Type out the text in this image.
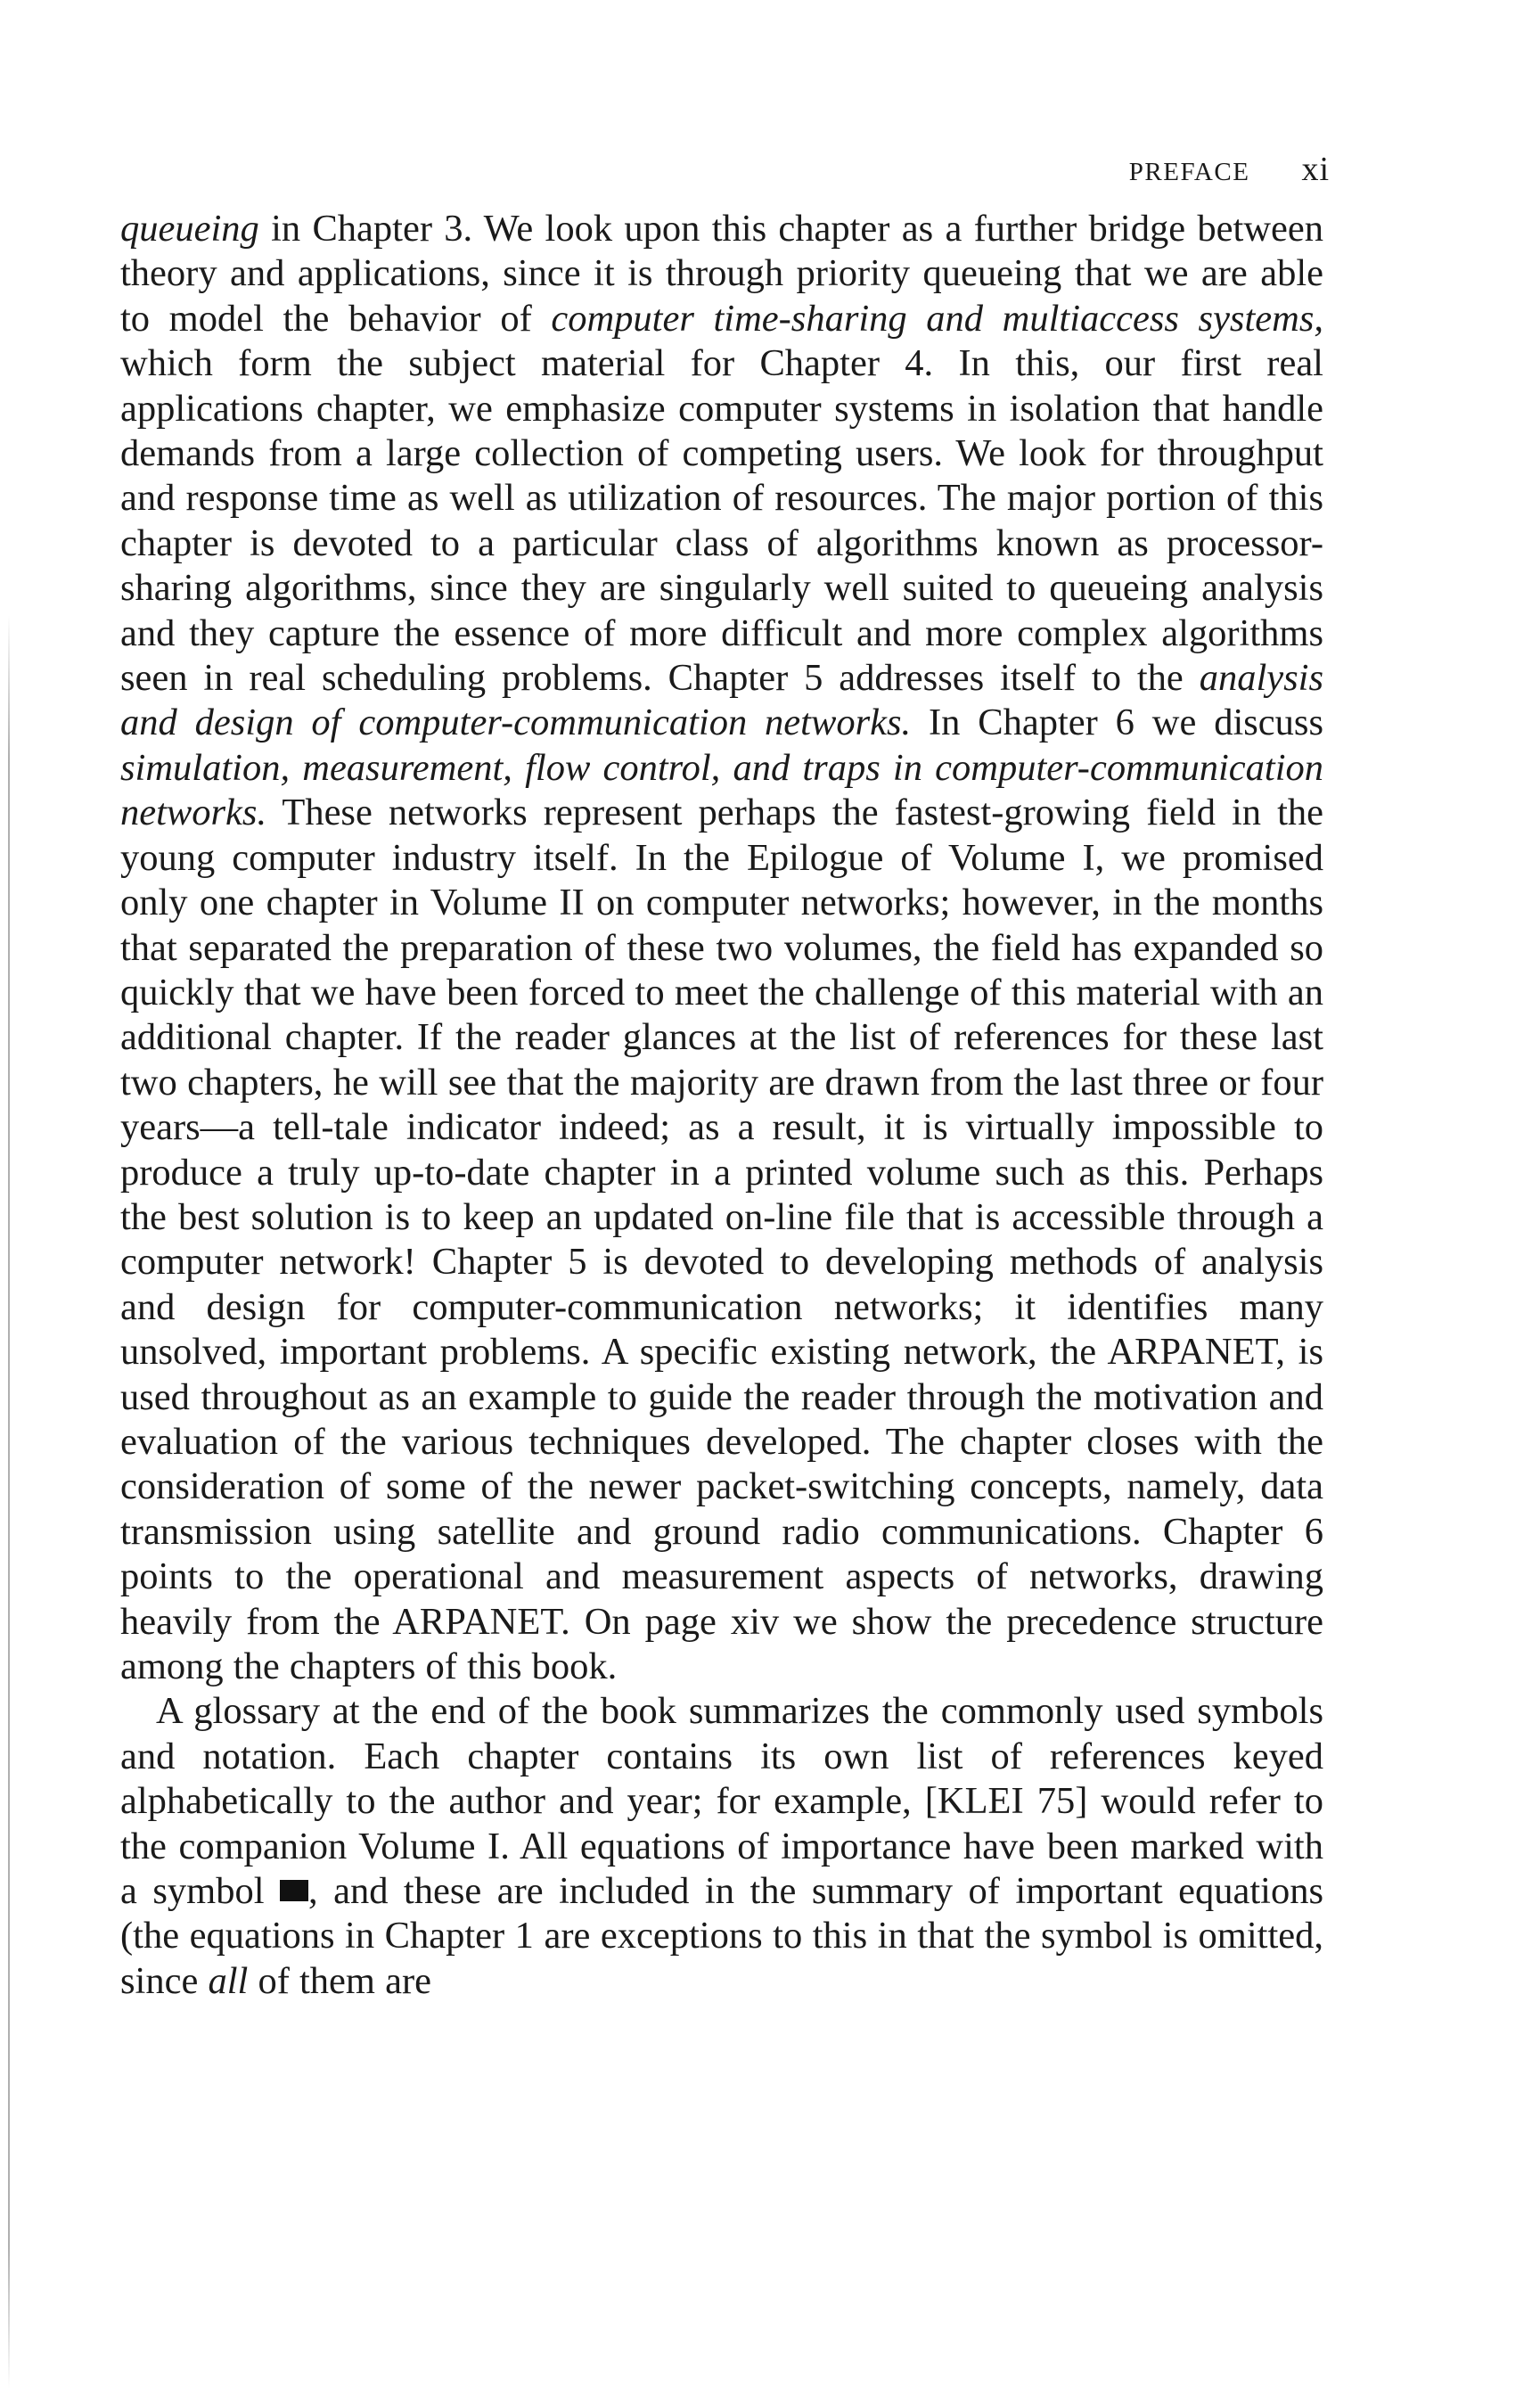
PREFACE xi

queueing in Chapter 3. We look upon this chapter as a further bridge between theory and applications, since it is through priority queueing that we are able to model the behavior of computer time-sharing and multiaccess systems, which form the subject material for Chapter 4. In this, our first real applications chapter, we emphasize computer systems in isolation that handle demands from a large collection of competing users. We look for throughput and response time as well as utilization of resources. The major portion of this chapter is devoted to a particular class of algorithms known as processor-sharing algorithms, since they are singularly well suited to queueing analysis and they capture the essence of more difficult and more complex algorithms seen in real scheduling problems. Chapter 5 addresses itself to the analysis and design of computer-communication networks. In Chapter 6 we discuss simulation, measurement, flow control, and traps in computer-communication networks. These networks represent perhaps the fastest-growing field in the young computer industry itself. In the Epilogue of Volume I, we promised only one chapter in Volume II on computer networks; however, in the months that separated the preparation of these two volumes, the field has expanded so quickly that we have been forced to meet the challenge of this material with an additional chapter. If the reader glances at the list of references for these last two chapters, he will see that the majority are drawn from the last three or four years—a tell-tale indicator indeed; as a result, it is virtually impossible to produce a truly up-to-date chapter in a printed volume such as this. Perhaps the best solution is to keep an updated on-line file that is accessible through a computer network! Chapter 5 is devoted to developing methods of analysis and design for computer-communication networks; it identifies many unsolved, important problems. A specific existing network, the ARPANET, is used throughout as an example to guide the reader through the motivation and evaluation of the various techniques developed. The chapter closes with the consideration of some of the newer packet-switching concepts, namely, data transmission using satellite and ground radio communications. Chapter 6 points to the operational and measurement aspects of networks, drawing heavily from the ARPANET. On page xiv we show the precedence structure among the chapters of this book.

A glossary at the end of the book summarizes the commonly used symbols and notation. Each chapter contains its own list of references keyed alphabetically to the author and year; for example, [KLEI 75] would refer to the companion Volume I. All equations of importance have been marked with a symbol , and these are included in the summary of important equations (the equations in Chapter 1 are exceptions to this in that the symbol is omitted, since all of them are
